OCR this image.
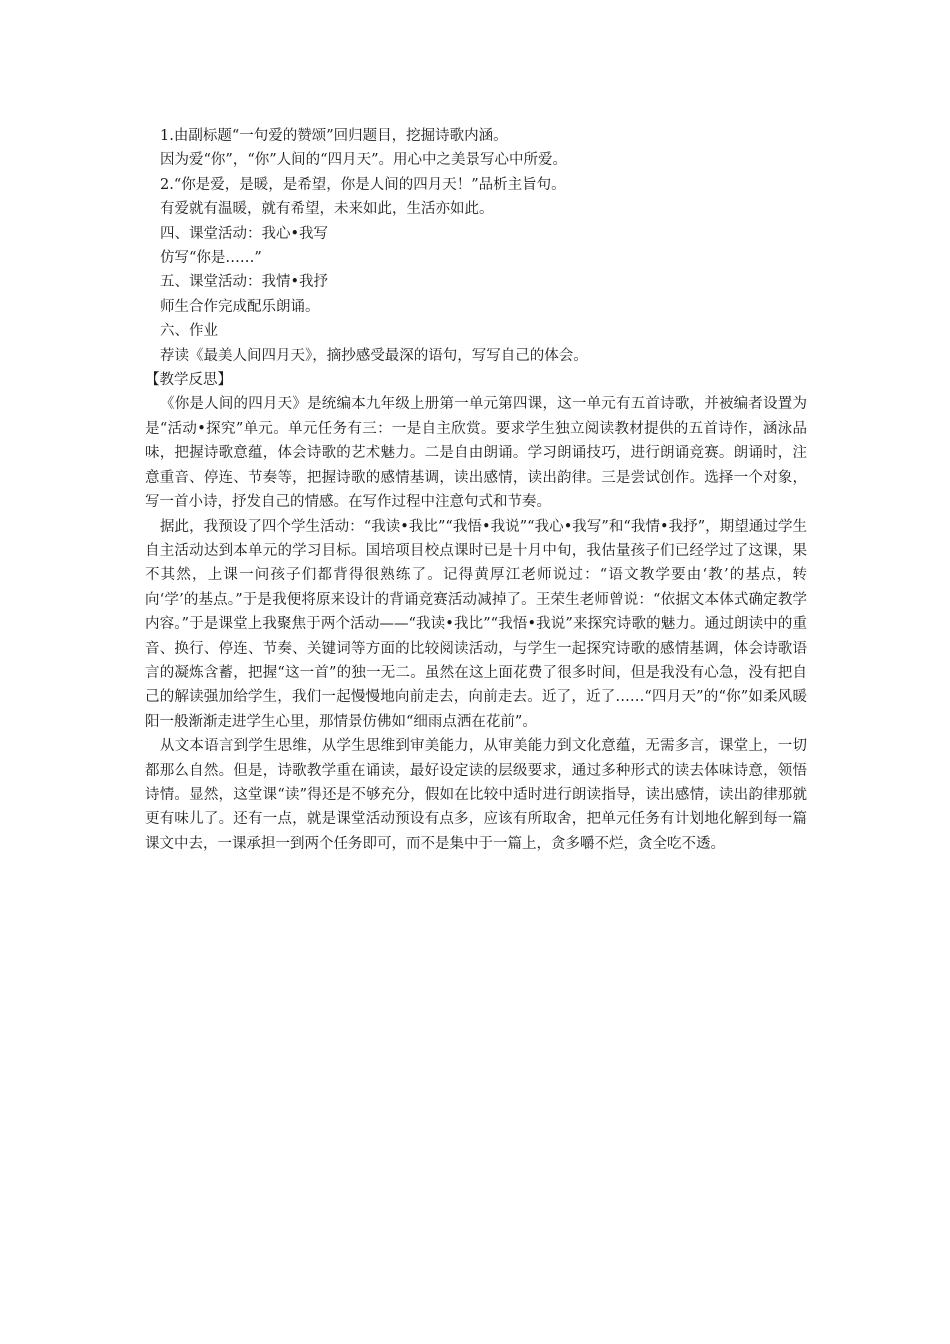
1.由副标题“一句爱的赞颂”回归题目，挖掘诗歌内涵。

因为爱“你”，“你”人间的“四月天”。用心中之美景写心中所爱。

2.“你是爱，是暖，是希望，你是人间的四月天！”品析主旨句。

有爱就有温暖，就有希望，未来如此，生活亦如此。

四、课堂活动：我心•我写

仿写“你是……”

五、课堂活动：我情•我抒

师生合作完成配乐朗诵。

六、作业

荐读《最美人间四月天》，摘抄感受最深的语句，写写自己的体会。

【教学反思】

《你是人间的四月天》是统编本九年级上册第一单元第四课，这一单元有五首诗歌，并被编者设置为是“活动•探究”单元。单元任务有三：一是自主欣赏。要求学生独立阅读教材提供的五首诗作，涵泳品味，把握诗歌意蕴，体会诗歌的艺术魅力。二是自由朗诵。学习朗诵技巧，进行朗诵竞赛。朗诵时，注意重音、停连、节奏等，把握诗歌的感情基调，读出感情，读出韵律。三是尝试创作。选择一个对象，写一首小诗，抒发自己的情感。在写作过程中注意句式和节奏。

据此，我预设了四个学生活动：“我读•我比”“我悟•我说”“我心•我写”和“我情•我抒”，期望通过学生自主活动达到本单元的学习目标。国培项目校点课时已是十月中旬，我估量孩子们已经学过了这课，果不其然，上课一问孩子们都背得很熟练了。记得黄厚江老师说过：“语文教学要由‘教’的基点，转向‘学’的基点。”于是我便将原来设计的背诵竞赛活动减掉了。王荣生老师曾说：“依据文本体式确定教学内容。”于是课堂上我聚焦于两个活动——“我读•我比”“我悟•我说”来探究诗歌的魅力。通过朗读中的重音、换行、停连、节奏、关键词等方面的比较阅读活动，与学生一起探究诗歌的感情基调，体会诗歌语言的凝炼含蓄，把握“这一首”的独一无二。虽然在这上面花费了很多时间，但是我没有心急，没有把自己的解读强加给学生，我们一起慢慢地向前走去，向前走去。近了，近了……“四月天”的“你”如柔风暖阳一般渐渐走进学生心里，那情景仿佛如“细雨点洒在花前”。

从文本语言到学生思维，从学生思维到审美能力，从审美能力到文化意蕴，无需多言，课堂上，一切都那么自然。但是，诗歌教学重在诵读，最好设定读的层级要求，通过多种形式的读去体味诗意，领悟诗情。显然，这堂课“读”得还是不够充分，假如在比较中适时进行朗读指导，读出感情，读出韵律那就更有味儿了。还有一点，就是课堂活动预设有点多，应该有所取舍，把单元任务有计划地化解到每一篇课文中去，一课承担一到两个任务即可，而不是集中于一篇上，贪多嚼不烂，贪全吃不透。
